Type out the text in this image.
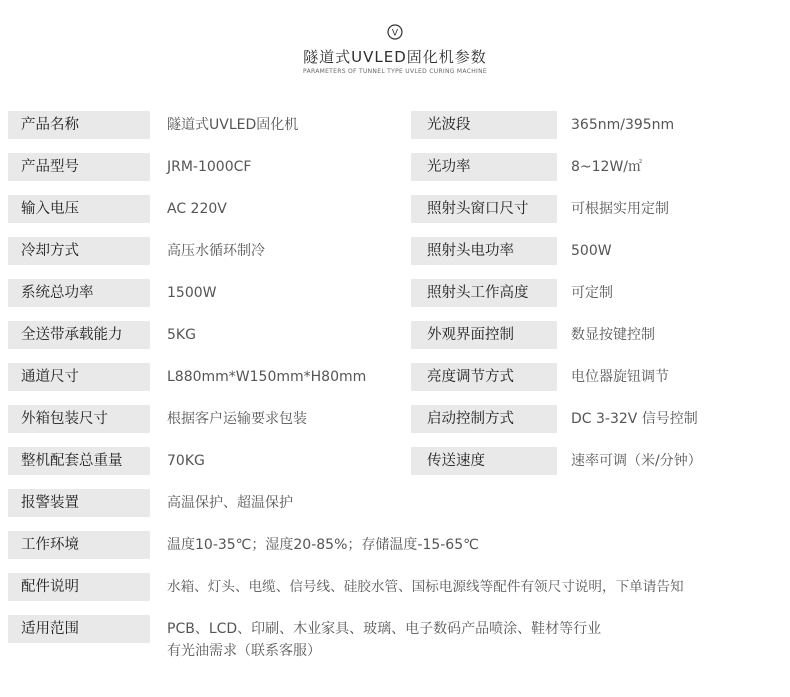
V
隧道式UVLED固化机参数
PARAMETERS OF TUNNEL TYPE UVLED CURING MACHINE
产品名称	隧道式UVLED固化机	光波段	365nm/395nm
产品型号	JRM-1000CF	光功率	8~12W/㎡
输入电压	AC 220V	照射头窗口尺寸	可根据实用定制
冷却方式	高压水循环制冷	照射头电功率	500W
系统总功率	1500W	照射头工作高度	可定制
全送带承载能力	5KG	外观界面控制	数显按键控制
通道尺寸	L880mm*W150mm*H80mm	亮度调节方式	电位器旋钮调节
外箱包装尺寸	根据客户运输要求包装	启动控制方式	DC 3-32V 信号控制
整机配套总重量	70KG	传送速度	速率可调（米/分钟）
报警装置	高温保护、超温保护
工作环境	温度10-35℃；湿度20-85%；存储温度-15-65℃
配件说明	水箱、灯头、电缆、信号线、硅胶水管、国标电源线等配件有领尺寸说明，下单请告知
适用范围	PCB、LCD、印刷、木业家具、玻璃、电子数码产品喷涂、鞋材等行业
有光油需求（联系客服）
